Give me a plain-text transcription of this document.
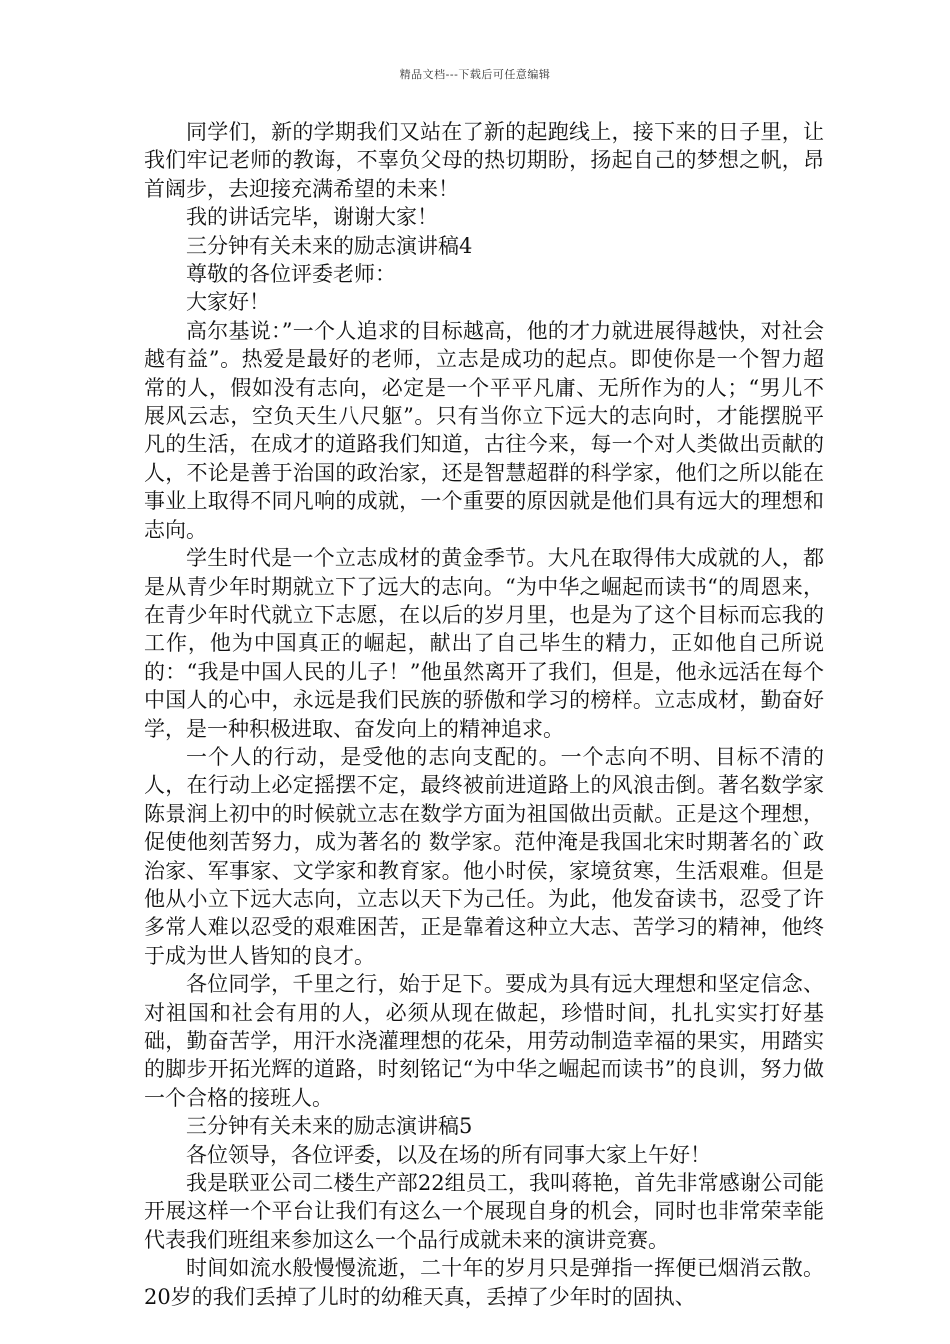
精品文档---下载后可任意编辑

同学们，新的学期我们又站在了新的起跑线上，接下来的日子里，让我们牢记老师的教诲，不辜负父母的热切期盼，扬起自己的梦想之帆，昂首阔步，去迎接充满希望的未来！

我的讲话完毕，谢谢大家！

三分钟有关未来的励志演讲稿4

尊敬的各位评委老师：

大家好！

高尔基说：”一个人追求的目标越高，他的才力就进展得越快，对社会越有益”。热爱是最好的老师，立志是成功的起点。即使你是一个智力超常的人，假如没有志向，必定是一个平平凡庸、无所作为的人；“男儿不展风云志，空负天生八尺躯”。只有当你立下远大的志向时，才能摆脱平凡的生活，在成才的道路我们知道，古往今来，每一个对人类做出贡献的人，不论是善于治国的政治家，还是智慧超群的科学家，他们之所以能在事业上取得不同凡响的成就，一个重要的原因就是他们具有远大的理想和志向。

学生时代是一个立志成材的黄金季节。大凡在取得伟大成就的人，都是从青少年时期就立下了远大的志向。“为中华之崛起而读书“的周恩来，在青少年时代就立下志愿，在以后的岁月里，也是为了这个目标而忘我的工作，他为中国真正的崛起，献出了自己毕生的精力，正如他自己所说的：“我是中国人民的儿子！”他虽然离开了我们，但是，他永远活在每个中国人的心中，永远是我们民族的骄傲和学习的榜样。立志成材，勤奋好学，是一种积极进取、奋发向上的精神追求。

一个人的行动，是受他的志向支配的。一个志向不明、目标不清的人，在行动上必定摇摆不定，最终被前进道路上的风浪击倒。著名数学家陈景润上初中的时候就立志在数学方面为祖国做出贡献。正是这个理想，促使他刻苦努力，成为著名的 数学家。范仲淹是我国北宋时期著名的`政治家、军事家、文学家和教育家。他小时侯，家境贫寒，生活艰难。但是他从小立下远大志向，立志以天下为己任。为此，他发奋读书，忍受了许多常人难以忍受的艰难困苦，正是靠着这种立大志、苦学习的精神，他终于成为世人皆知的良才。

各位同学，千里之行，始于足下。要成为具有远大理想和坚定信念、对祖国和社会有用的人，必须从现在做起，珍惜时间，扎扎实实打好基础，勤奋苦学，用汗水浇灌理想的花朵，用劳动制造幸福的果实，用踏实的脚步开拓光辉的道路，时刻铭记“为中华之崛起而读书”的良训，努力做一个合格的接班人。

三分钟有关未来的励志演讲稿5

各位领导，各位评委，以及在场的所有同事大家上午好！

我是联亚公司二楼生产部22组员工，我叫蒋艳，首先非常感谢公司能开展这样一个平台让我们有这么一个展现自身的机会，同时也非常荣幸能代表我们班组来参加这么一个品行成就未来的演讲竞赛。

时间如流水般慢慢流逝，二十年的岁月只是弹指一挥便已烟消云散。20岁的我们丢掉了儿时的幼稚天真，丢掉了少年时的固执、
